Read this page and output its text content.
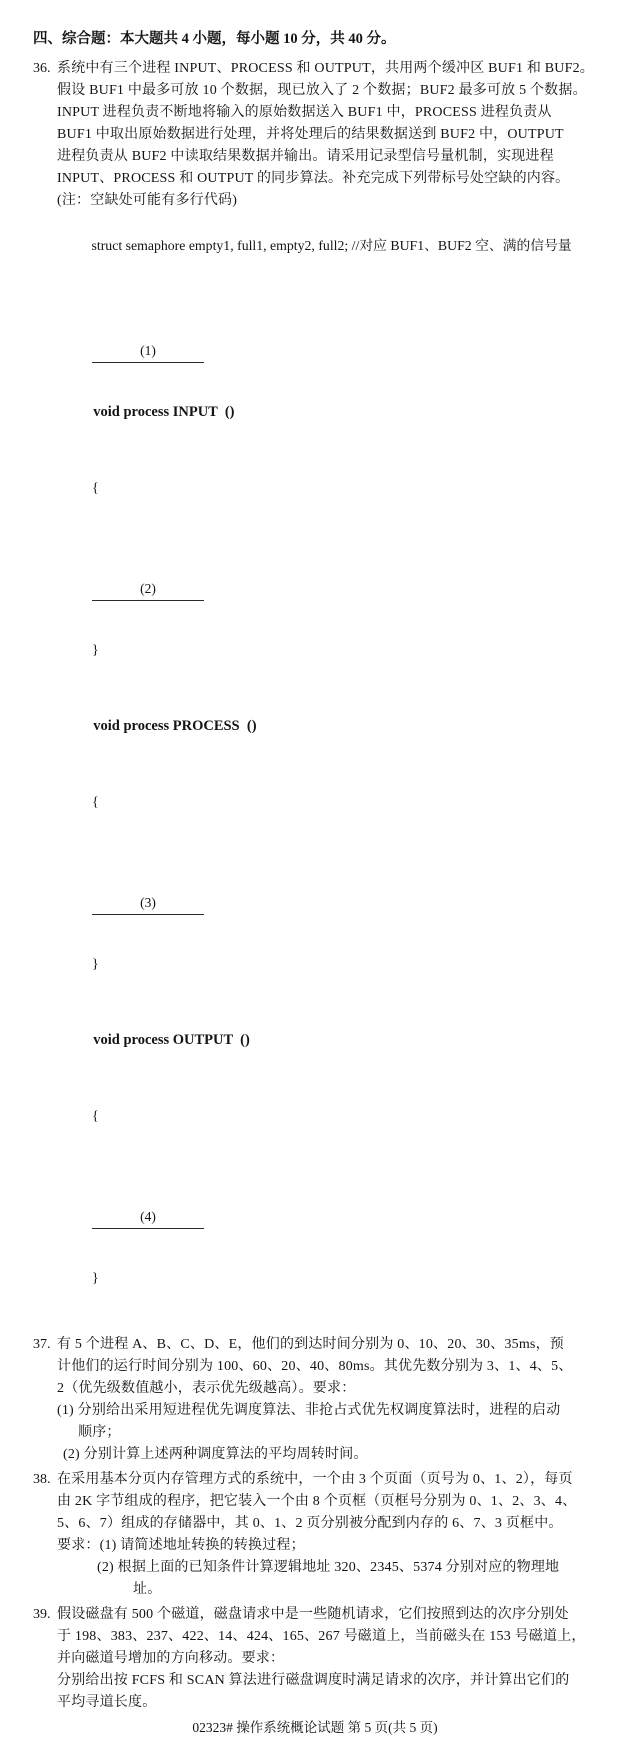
四、综合题：本大题共 4 小题，每小题 10 分，共 40 分。
36. 系统中有三个进程 INPUT、PROCESS 和 OUTPUT，共用两个缓冲区 BUF1 和 BUF2。
假设 BUF1 中最多可放 10 个数据，现已放入了 2 个数据；BUF2 最多可放 5 个数据。
INPUT 进程负责不断地将输入的原始数据送入 BUF1 中，PROCESS 进程负责从
BUF1 中取出原始数据进行处理，并将处理后的结果数据送到 BUF2 中，OUTPUT
进程负责从 BUF2 中读取结果数据并输出。请采用记录型信号量机制，实现进程
INPUT、PROCESS 和 OUTPUT 的同步算法。补充完成下列带标号处空缺的内容。
(注：空缺处可能有多行代码)

struct semaphore empty1, full1, empty2, full2; //对应 BUF1、BUF2 空、满的信号量

(1)

void process INPUT  ()

{

(2)

}

void process PROCESS  ()

{

(3)

}

void process OUTPUT  ()

{

(4)

}

37. 有 5 个进程 A、B、C、D、E，他们的到达时间分别为 0、10、20、30、35ms，预
计他们的运行时间分别为 100、60、20、40、80ms。其优先数分别为 3、1、4、5、
2（优先级数值越小，表示优先级越高）。要求：
(1) 分别给出采用短进程优先调度算法、非抢占式优先权调度算法时，进程的启动
顺序；
(2) 分别计算上述两种调度算法的平均周转时间。
38. 在采用基本分页内存管理方式的系统中，一个由 3 个页面（页号为 0、1、2），每页
由 2K 字节组成的程序，把它装入一个由 8 个页框（页框号分别为 0、1、2、3、4、
5、6、7）组成的存储器中，其 0、1、2 页分别被分配到内存的 6、7、3 页框中。
要求：(1) 请简述地址转换的转换过程；
(2) 根据上面的已知条件计算逻辑地址 320、2345、5374 分别对应的物理地
址。
39. 假设磁盘有 500 个磁道，磁盘请求中是一些随机请求，它们按照到达的次序分别处
于 198、383、237、422、14、424、165、267 号磁道上，当前磁头在 153 号磁道上，
并向磁道号增加的方向移动。要求：
分别给出按 FCFS 和 SCAN 算法进行磁盘调度时满足请求的次序，并计算出它们的
平均寻道长度。
02323# 操作系统概论试题 第 5 页(共 5 页)
